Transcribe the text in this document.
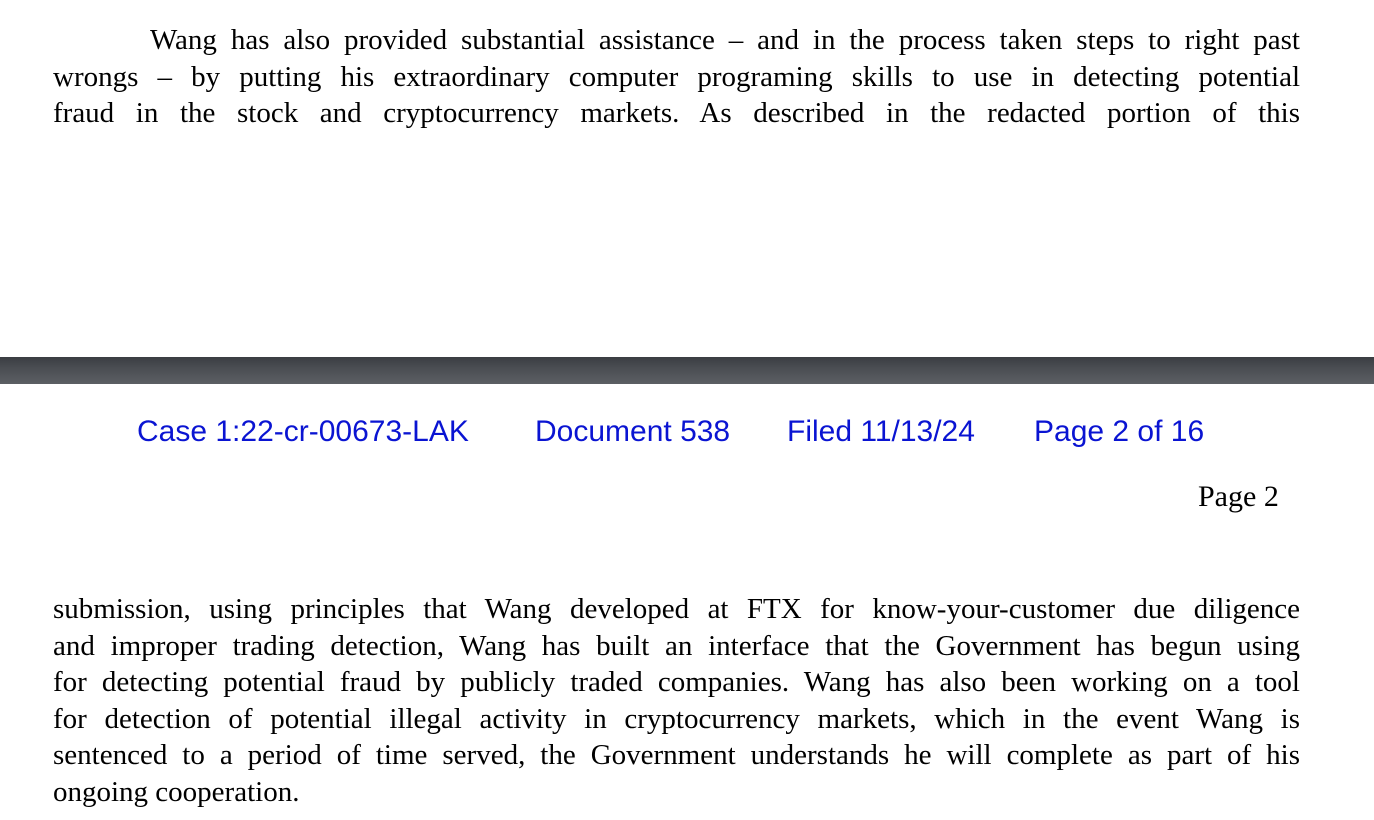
Wang has also provided substantial assistance – and in the process taken steps to right past
wrongs – by putting his extraordinary computer programing skills to use in detecting potential
fraud in the stock and cryptocurrency markets. As described in the redacted portion of this
Case 1:22-cr-00673-LAK Document 538 Filed 11/13/24 Page 2 of 16
Page 2
submission, using principles that Wang developed at FTX for know-your-customer due diligence
and improper trading detection, Wang has built an interface that the Government has begun using
for detecting potential fraud by publicly traded companies. Wang has also been working on a tool
for detection of potential illegal activity in cryptocurrency markets, which in the event Wang is
sentenced to a period of time served, the Government understands he will complete as part of his
ongoing cooperation.
